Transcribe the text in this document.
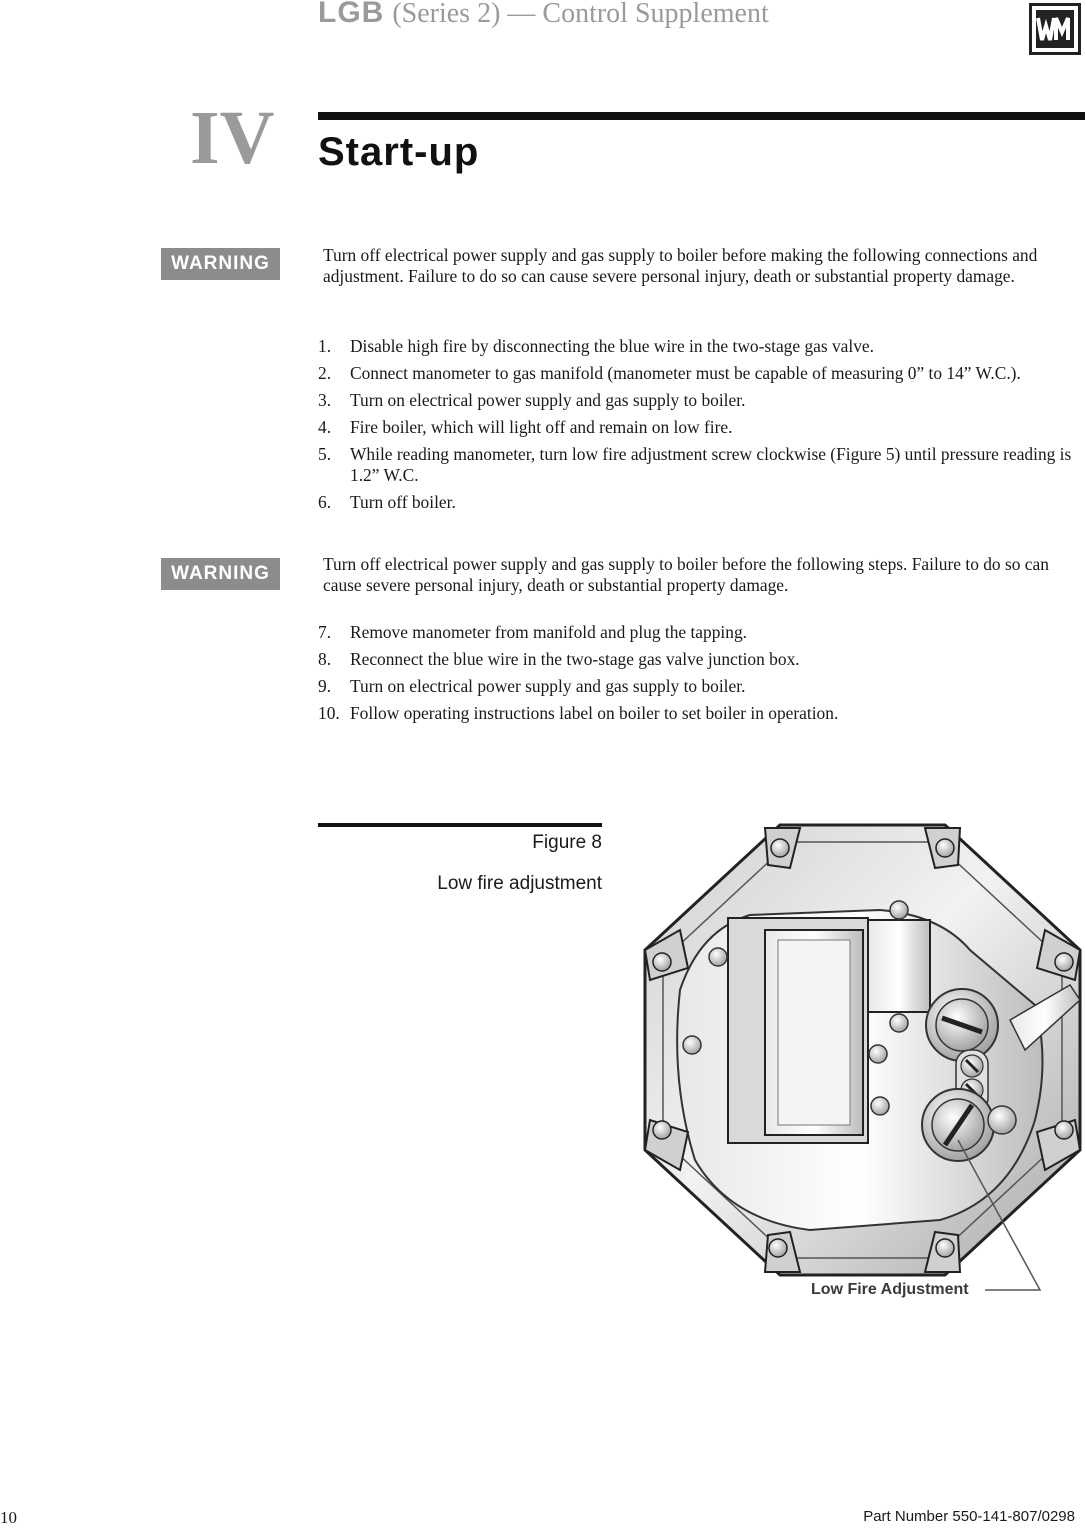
LGB (Series 2) — Control Supplement
IV Start-up
WARNING	Turn off electrical power supply and gas supply to boiler before making the following connections and adjustment. Failure to do so can cause severe personal injury, death or substantial property damage.
1. Disable high fire by disconnecting the blue wire in the two-stage gas valve.
2. Connect manometer to gas manifold (manometer must be capable of measuring 0” to 14” W.C.).
3. Turn on electrical power supply and gas supply to boiler.
4. Fire boiler, which will light off and remain on low fire.
5. While reading manometer, turn low fire adjustment screw clockwise (Figure 5) until pressure reading is 1.2” W.C.
6. Turn off boiler.
WARNING	Turn off electrical power supply and gas supply to boiler before the following steps. Failure to do so can cause severe personal injury, death or substantial property damage.
7. Remove manometer from manifold and plug the tapping.
8. Reconnect the blue wire in the two-stage gas valve junction box.
9. Turn on electrical power supply and gas supply to boiler.
10. Follow operating instructions label on boiler to set boiler in operation.
Figure 8
Low fire adjustment
Low Fire Adjustment
10	Part Number 550-141-807/0298
